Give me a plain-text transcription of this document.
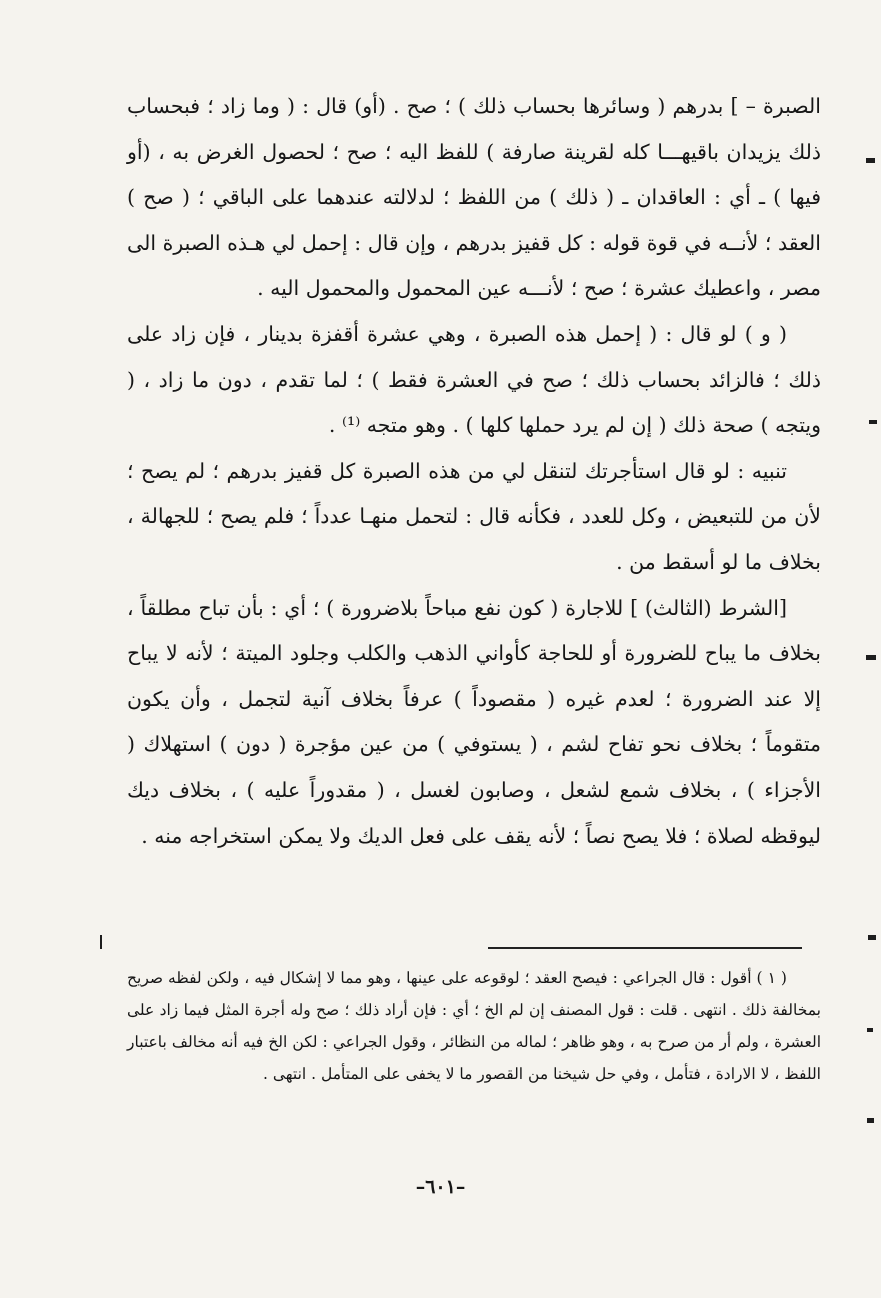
الصبرة – ] بدرهم ( وسائرها بحساب ذلك ) ؛ صح . (أو) قال : ( وما زاد ؛ فبحساب ذلك يزيدان باقيهـــا كله لقرينة صارفة ) للفظ اليه ؛ صح ؛ لحصول الغرض به ، (أو فيها ) ـ أي : العاقدان ـ ( ذلك ) من اللفظ ؛ لدلالته عندهما على الباقي ؛ ( صح ) العقد ؛ لأنــه في قوة قوله : كل قفيز بدرهم ، وإن قال : إحمل لي هـذه الصبرة الى مصر ، واعطيك عشرة ؛ صح ؛ لأنـــه عين المحمول والمحمول اليه .

( و ) لو قال : ( إحمل هذه الصبرة ، وهي عشرة أقفزة بدينار ، فإن زاد على ذلك ؛ فالزائد بحساب ذلك ؛ صح في العشرة فقط ) ؛ لما تقدم ، دون ما زاد ، ( ويتجه ) صحة ذلك ( إن لم يرد حملها كلها ) . وهو متجه ⁽¹⁾ .

تنبيه : لو قال استأجرتك لتنقل لي من هذه الصبرة كل قفيز بدرهم ؛ لم يصح ؛ لأن من للتبعيض ، وكل للعدد ، فكأنه قال : لتحمل منهـا عدداً ؛ فلم يصح ؛ للجهالة ، بخلاف ما لو أسقط من .

[الشرط (الثالث) ] للاجارة ( كون نفع مباحاً بلاضرورة ) ؛ أي : بأن تباح مطلقاً ، بخلاف ما يباح للضرورة أو للحاجة كأواني الذهب والكلب وجلود الميتة ؛ لأنه لا يباح إلا عند الضرورة ؛ لعدم غيره ( مقصوداً ) عرفاً بخلاف آنية لتجمل ، وأن يكون متقوماً ؛ بخلاف نحو تفاح لشم ، ( يستوفي ) من عين مؤجرة ( دون ) استهلاك ( الأجزاء ) ، بخلاف شمع لشعل ، وصابون لغسل ، ( مقدوراً عليه ) ، بخلاف ديك ليوقظه لصلاة ؛ فلا يصح نصاً ؛ لأنه يقف على فعل الديك ولا يمكن استخراجه منه .

( ١ ) أقول : قال الجراعي : فيصح العقد ؛ لوقوعه على عينها ، وهو مما لا إشكال فيه ، ولكن لفظه صريح بمخالفة ذلك . انتهى . قلت : قول المصنف إن لم الخ ؛ أي : فإن أراد ذلك ؛ صح وله أجرة المثل فيما زاد على العشرة ، ولم أر من صرح به ، وهو ظاهر ؛ لماله من النظائر ، وقول الجراعي : لكن الخ فيه أنه مخالف باعتبار اللفظ ، لا الارادة ، فتأمل ، وفي حل شيخنا من القصور ما لا يخفى على المتأمل . انتهى .

–٦٠١–
